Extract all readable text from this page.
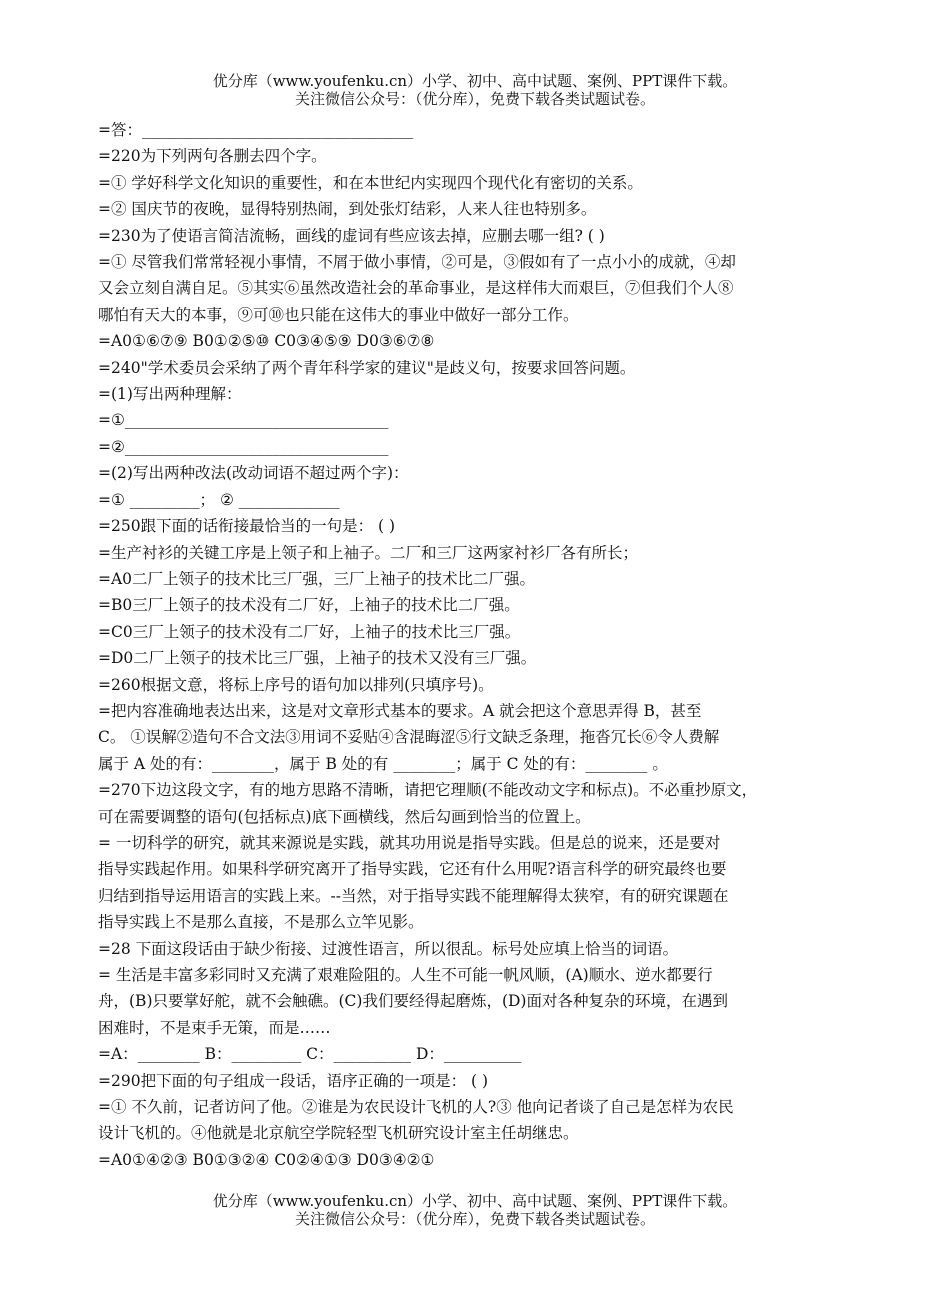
优分库（www.youfenku.cn）小学、初中、高中试题、案例、PPT课件下载。
关注微信公众号：（优分库），免费下载各类试题试卷。
=答：___________________________________
=220为下列两句各删去四个字。
=① 学好科学文化知识的重要性，和在本世纪内实现四个现代化有密切的关系。
=② 国庆节的夜晚，显得特别热闹，到处张灯结彩，人来人往也特别多。
=230为了使语言简洁流畅，画线的虚词有些应该去掉，应删去哪一组? ( )
=① 尽管我们常常轻视小事情，不屑于做小事情，②可是，③假如有了一点小小的成就，④却
又会立刻自满自足。⑤其实⑥虽然改造社会的革命事业，是这样伟大而艰巨，⑦但我们个人⑧
哪怕有天大的本事，⑨可⑩也只能在这伟大的事业中做好一部分工作。
=A0①⑥⑦⑨ B0①②⑤⑩ C0③④⑤⑨ D0③⑥⑦⑧
=240"学术委员会采纳了两个青年科学家的建议"是歧义句，按要求回答问题。
=(1)写出两种理解：
=①__________________________________
=②__________________________________
=(2)写出两种改法(改动词语不超过两个字)：
=① _________； ② _____________
=250跟下面的话衔接最恰当的一句是： ( )
=生产衬衫的关键工序是上领子和上袖子。二厂和三厂这两家衬衫厂各有所长；
=A0二厂上领子的技术比三厂强，三厂上袖子的技术比二厂强。
=B0三厂上领子的技术没有二厂好，上袖子的技术比二厂强。
=C0三厂上领子的技术没有二厂好，上袖子的技术比三厂强。
=D0二厂上领子的技术比三厂强，上袖子的技术又没有三厂强。
=260根据文意，将标上序号的语句加以排列(只填序号)。
=把内容准确地表达出来，这是对文章形式基本的要求。A 就会把这个意思弄得 B，甚至
C。 ①误解②造句不合文法③用词不妥贴④含混晦涩⑤行文缺乏条理，拖沓冗长⑥令人费解
属于 A 处的有：________，属于 B 处的有 ________；属于 C 处的有：________ 。
=270下边这段文字，有的地方思路不清晰，请把它理顺(不能改动文字和标点)。不必重抄原文，
可在需要调整的语句(包括标点)底下画横线，然后勾画到恰当的位置上。
= 一切科学的研究，就其来源说是实践，就其功用说是指导实践。但是总的说来，还是要对
指导实践起作用。如果科学研究离开了指导实践，它还有什么用呢?语言科学的研究最终也要
归结到指导运用语言的实践上来。--当然，对于指导实践不能理解得太狭窄，有的研究课题在
指导实践上不是那么直接，不是那么立竿见影。
=28 下面这段话由于缺少衔接、过渡性语言，所以很乱。标号处应填上恰当的词语。
= 生活是丰富多彩同时又充满了艰难险阻的。人生不可能一帆风顺，(A)顺水、逆水都要行
舟，(B)只要掌好舵，就不会触礁。(C)我们要经得起磨炼，(D)面对各种复杂的环境，在遇到
困难时，不是束手无策，而是……
=A：________ B：_________ C：__________ D：__________
=290把下面的句子组成一段话，语序正确的一项是： ( )
=① 不久前，记者访问了他。②谁是为农民设计飞机的人?③ 他向记者谈了自己是怎样为农民
设计飞机的。④他就是北京航空学院轻型飞机研究设计室主任胡继忠。
=A0①④②③ B0①③②④ C0②④①③ D0③④②①
优分库（www.youfenku.cn）小学、初中、高中试题、案例、PPT课件下载。
关注微信公众号：（优分库），免费下载各类试题试卷。
